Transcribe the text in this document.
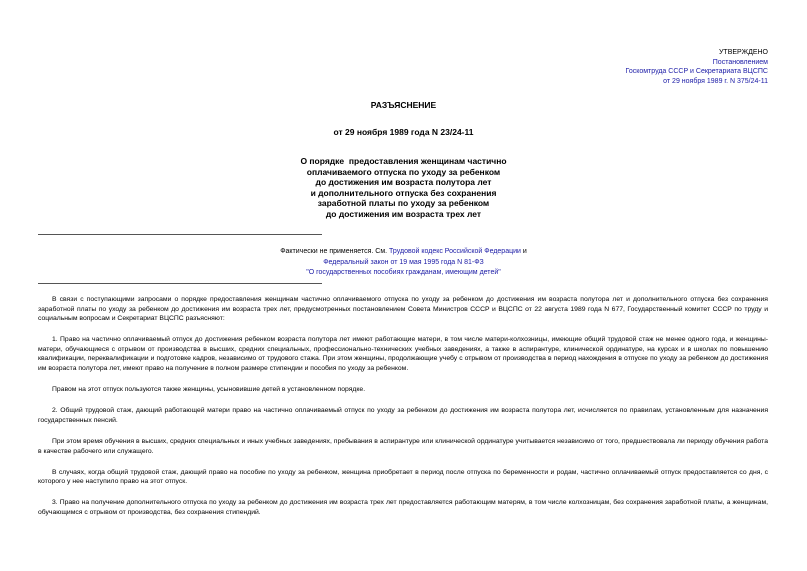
УТВЕРЖДЕНО
Постановлением
Госкомтруда СССР и Секретариата ВЦСПС
от 29 ноября 1989 г. N 375/24-11
РАЗЪЯСНЕНИЕ
от 29 ноября 1989 года N 23/24-11
О порядке  предоставления женщинам частично
оплачиваемого отпуска по уходу за ребенком
до достижения им возраста полутора лет
и дополнительного отпуска без сохранения
заработной платы по уходу за ребенком
до достижения им возраста трех лет
Фактически не применяется. См. Трудовой кодекс Российской Федерации и
Федеральный закон от 19 мая 1995 года N 81-ФЗ
"О государственных пособиях гражданам, имеющим детей"

В связи с поступающими запросами о порядке предоставления женщинам частично оплачиваемого отпуска по уходу за ребенком до достижения им возраста полутора лет и дополнительного отпуска без сохранения заработной платы по уходу за ребенком до достижения им возраста трех лет, предусмотренных постановлением Совета Министров СССР и ВЦСПС от 22 августа 1989 года N 677, Государственный комитет СССР по труду и социальным вопросам и Секретариат ВЦСПС разъясняют:

1. Право на частично оплачиваемый отпуск до достижения ребенком возраста полутора лет имеют работающие матери, в том числе матери-колхозницы, имеющие общий трудовой стаж не менее одного года, и женщины-матери, обучающиеся с отрывом от производства в высших, средних специальных, профессионально-технических учебных заведениях, а также в аспирантуре, клинической ординатуре, на курсах и в школах по повышению квалификации, переквалификации и подготовке кадров, независимо от трудового стажа. При этом женщины, продолжающие учебу с отрывом от производства в период нахождения в отпуске по уходу за ребенком до достижения им возраста полутора лет, имеют право на получение в полном размере стипендии и пособия по уходу за ребенком.

Правом на этот отпуск пользуются также женщины, усыновившие детей в установленном порядке.

2. Общий трудовой стаж, дающий работающей матери право на частично оплачиваемый отпуск по уходу за ребенком до достижения им возраста полутора лет, исчисляется по правилам, установленным для назначения государственных пенсий.

При этом время обучения в высших, средних специальных и иных учебных заведениях, пребывания в аспирантуре или клинической ординатуре учитывается независимо от того, предшествовала ли периоду обучения работа в качестве рабочего или служащего.

В случаях, когда общий трудовой стаж, дающий право на пособие по уходу за ребенком, женщина приобретает в период после отпуска по беременности и родам, частично оплачиваемый отпуск предоставляется со дня, с которого у нее наступило право на этот отпуск.

3. Право на получение дополнительного отпуска по уходу за ребенком до достижения им возраста трех лет предоставляется работающим матерям, в том числе колхозницам, без сохранения заработной платы, а женщинам, обучающимся с отрывом от производства, без сохранения стипендий.
